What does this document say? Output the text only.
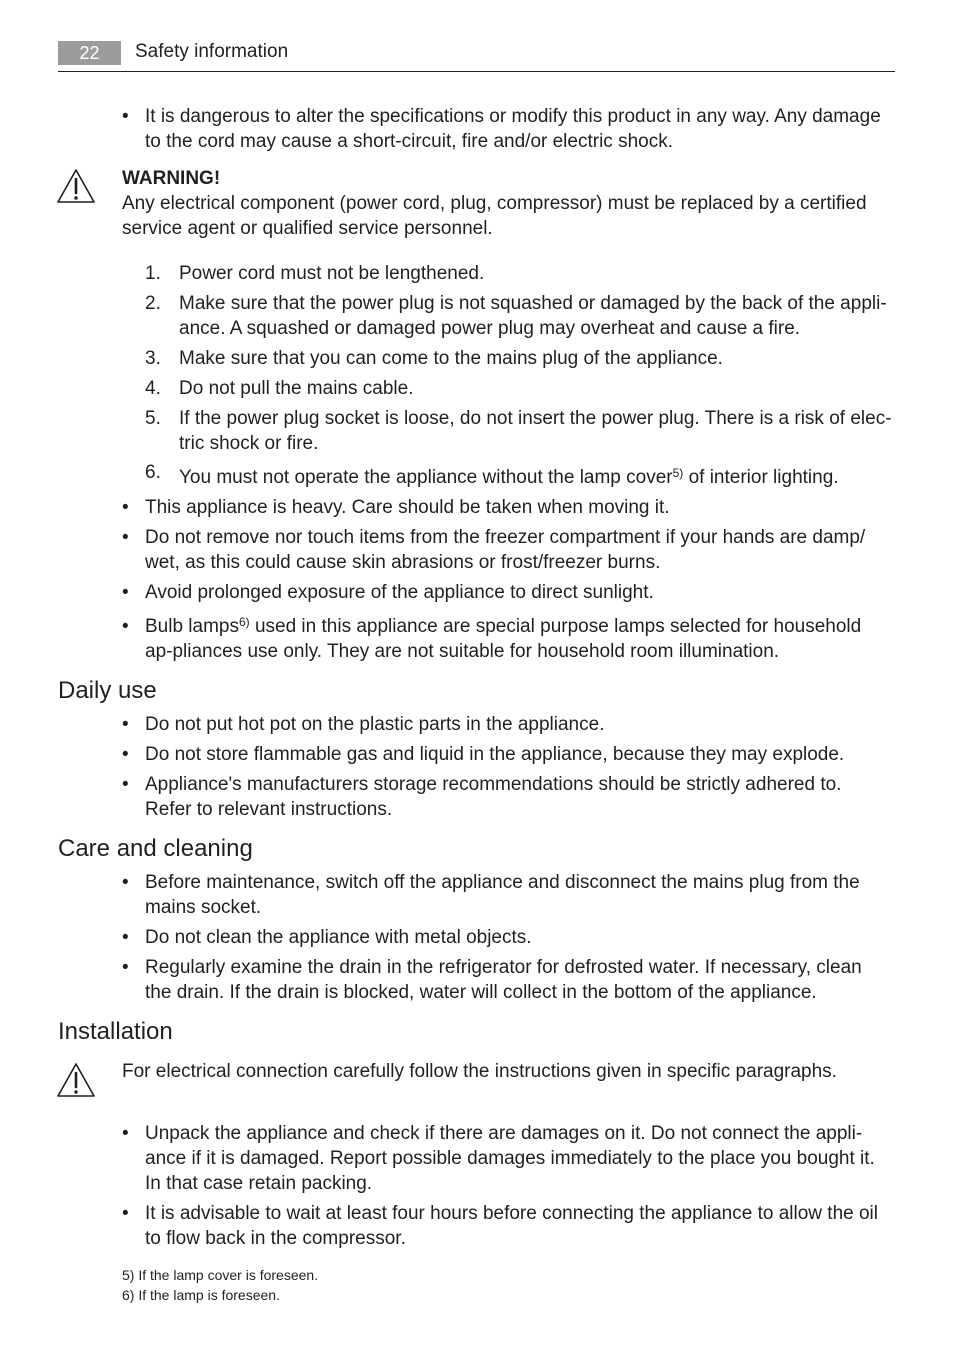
22	Safety information
• It is dangerous to alter the specifications or modify this product in any way. Any damage to the cord may cause a short-circuit, fire and/or electric shock.
WARNING!
Any electrical component (power cord, plug, compressor) must be replaced by a certified service agent or qualified service personnel.
1. Power cord must not be lengthened.
2. Make sure that the power plug is not squashed or damaged by the back of the appli-ance. A squashed or damaged power plug may overheat and cause a fire.
3. Make sure that you can come to the mains plug of the appliance.
4. Do not pull the mains cable.
5. If the power plug socket is loose, do not insert the power plug. There is a risk of elec-tric shock or fire.
6. You must not operate the appliance without the lamp cover$^{5)}$ of interior lighting.
• This appliance is heavy. Care should be taken when moving it.
• Do not remove nor touch items from the freezer compartment if your hands are damp/ wet, as this could cause skin abrasions or frost/freezer burns.
• Avoid prolonged exposure of the appliance to direct sunlight.
• Bulb lamps$^{6)}$ used in this appliance are special purpose lamps selected for household ap-pliances use only. They are not suitable for household room illumination.
Daily use
• Do not put hot pot on the plastic parts in the appliance.
• Do not store flammable gas and liquid in the appliance, because they may explode.
• Appliance's manufacturers storage recommendations should be strictly adhered to. Refer to relevant instructions.
Care and cleaning
• Before maintenance, switch off the appliance and disconnect the mains plug from the mains socket.
• Do not clean the appliance with metal objects.
• Regularly examine the drain in the refrigerator for defrosted water. If necessary, clean the drain. If the drain is blocked, water will collect in the bottom of the appliance.
Installation
For electrical connection carefully follow the instructions given in specific paragraphs.
• Unpack the appliance and check if there are damages on it. Do not connect the appli-ance if it is damaged. Report possible damages immediately to the place you bought it. In that case retain packing.
• It is advisable to wait at least four hours before connecting the appliance to allow the oil to flow back in the compressor.
5) If the lamp cover is foreseen.
6) If the lamp is foreseen.
